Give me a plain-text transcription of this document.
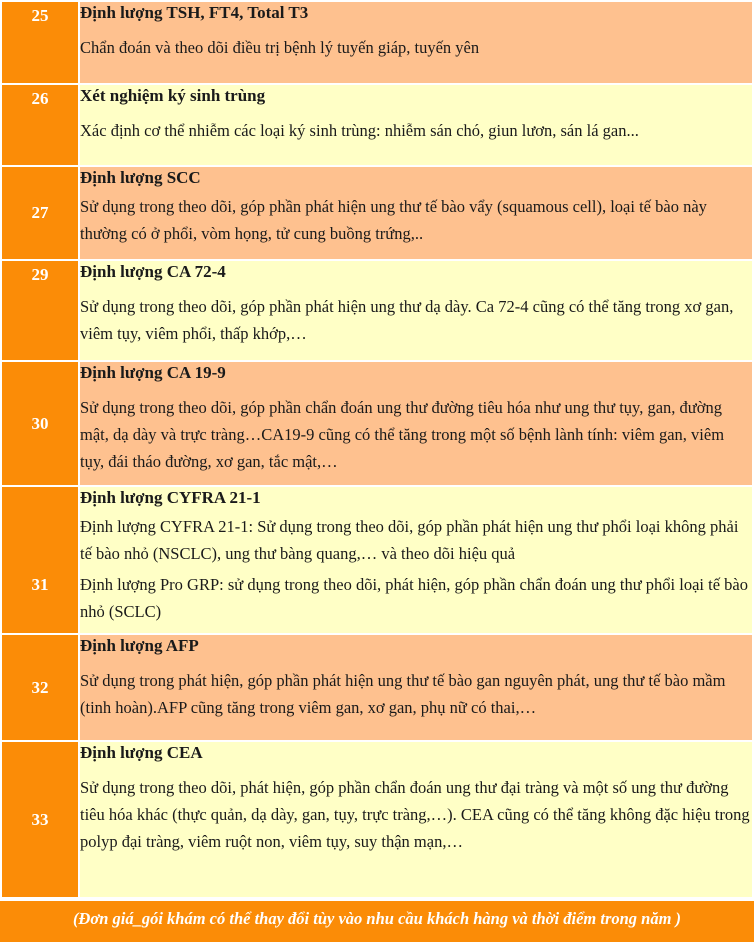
25	Định lượng TSH, FT4, Total T3
Chẩn đoán và theo dõi điều trị bệnh lý tuyến giáp, tuyến yên

26	Xét nghiệm ký sinh trùng
Xác định cơ thể nhiễm các loại ký sinh trùng: nhiễm sán chó, giun lươn, sán lá gan...

27	Định lượng SCC
Sử dụng trong theo dõi, góp phần phát hiện ung thư tế bào vẩy (squamous cell), loại tế bào này thường có ở phổi, vòm họng, tử cung buồng trứng,..

29	Định lượng CA 72-4
Sử dụng trong theo dõi, góp phần phát hiện ung thư dạ dày. Ca 72-4 cũng có thể tăng trong xơ gan, viêm tụy, viêm phổi, thấp khớp,…

30	Định lượng CA 19-9
Sử dụng trong theo dõi, góp phần chẩn đoán ung thư đường tiêu hóa như ung thư tụy, gan, đường mật, dạ dày và trực tràng…CA19-9 cũng có thể tăng trong một số bệnh lành tính: viêm gan, viêm tụy, đái tháo đường, xơ gan, tắc mật,…

31	Định lượng CYFRA 21-1
Định lượng CYFRA 21-1: Sử dụng trong theo dõi, góp phần phát hiện ung thư phổi loại không phải tế bào nhỏ (NSCLC), ung thư bàng quang,… và theo dõi hiệu quả
Định lượng Pro GRP: sử dụng trong theo dõi, phát hiện, góp phần chẩn đoán ung thư phổi loại tế bào nhỏ (SCLC)

32	Định lượng AFP
Sử dụng trong phát hiện, góp phần phát hiện ung thư tế bào gan nguyên phát, ung thư tế bào mầm (tinh hoàn).AFP cũng tăng trong viêm gan, xơ gan, phụ nữ có thai,…

33	Định lượng CEA
Sử dụng trong theo dõi, phát hiện, góp phần chẩn đoán ung thư đại tràng và một số ung thư đường tiêu hóa khác (thực quản, dạ dày, gan, tụy, trực tràng,…). CEA cũng có thể tăng không đặc hiệu trong polyp đại tràng, viêm ruột non, viêm tụy, suy thận mạn,…
(Đơn giá_gói khám có thể thay đổi tùy vào nhu cầu khách hàng và thời điểm trong năm )
